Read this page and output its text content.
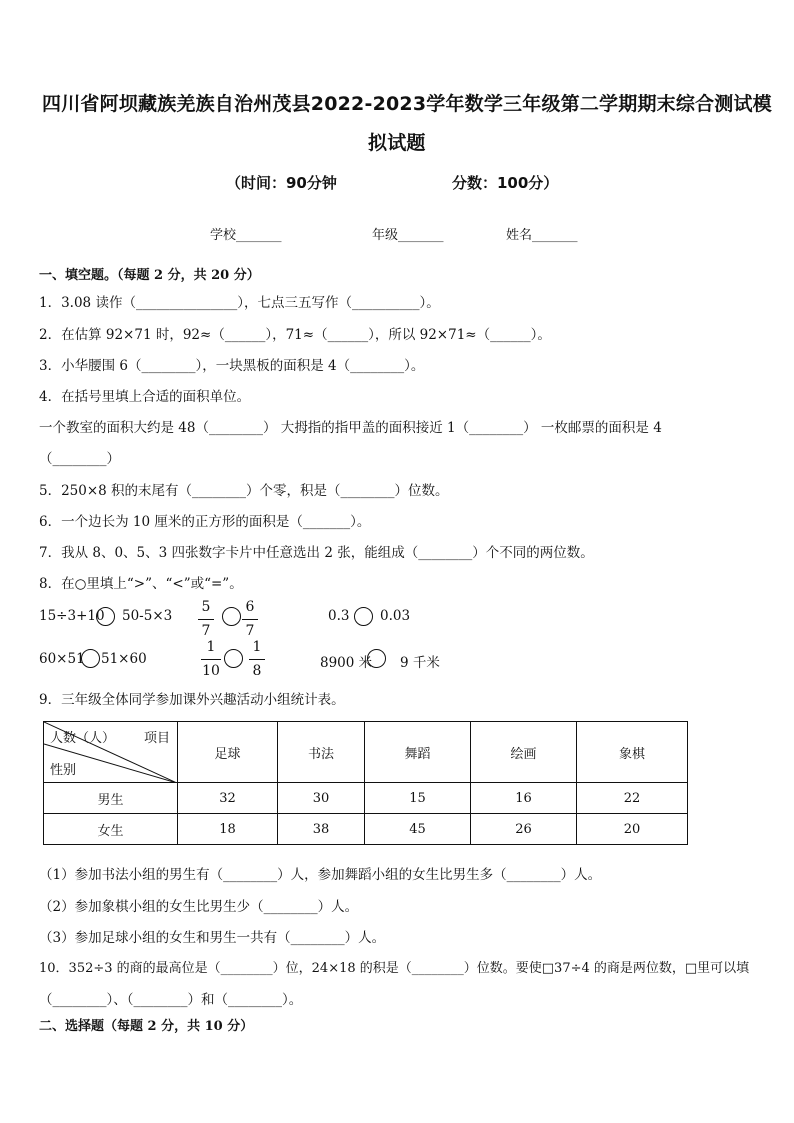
四川省阿坝藏族羌族自治州茂县2022-2023学年数学三年级第二学期期末综合测试模
拟试题
（时间：90分钟	分数：100分）
学校_______	年级_______	姓名_______
一、填空题。（每题 2 分，共 20 分）
1．3.08 读作（_______________），七点三五写作（__________）。
2．在估算 92×71 时，92≈（______），71≈（______），所以 92×71≈（______）。
3．小华腰围 6（________），一块黑板的面积是 4（________）。
4．在括号里填上合适的面积单位。
一个教室的面积大约是 48（________） 大拇指的指甲盖的面积接近 1（________） 一枚邮票的面积是 4
（________）
5．250×8 积的末尾有（________）个零，积是（________）位数。
6．一个边长为 10 厘米的正方形的面积是（_______）。
7．我从 8、0、5、3 四张数字卡片中任意选出 2 张，能组成（________）个不同的两位数。
8．在○里填上“>”、“<”或“=”。
15÷3+10 50-5×3
5
7
6
7
0.3 0.03
60×51 51×60
1
10
1
8	8900 米 9 千米
9．三年级全体同学参加课外兴趣活动小组统计表。
人数（人） 项目
性别	足球	书法	舞蹈	绘画	象棋
男生	32	30	15	16	22
女生	18	38	45	26	20
（1）参加书法小组的男生有（________）人，参加舞蹈小组的女生比男生多（________）人。
（2）参加象棋小组的女生比男生少（________）人。
（3）参加足球小组的女生和男生一共有（________）人。
10．352÷3 的商的最高位是（________）位，24×18 的积是（________）位数。要使□37÷4 的商是两位数，□里可以填
（________）、（________）和（________）。
二、选择题（每题 2 分，共 10 分）
